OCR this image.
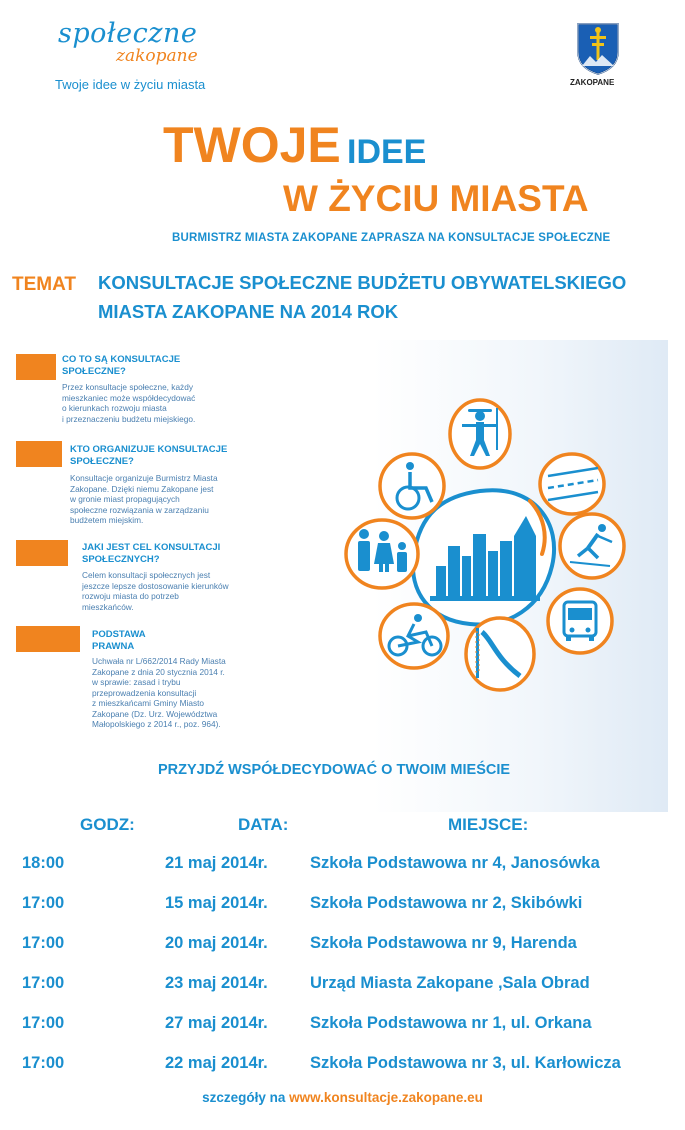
społeczne
zakopane
Twoje idee w życiu miasta	ZAKOPANE
TWOJE IDEE
W ŻYCIU MIASTA
BURMISTRZ MIASTA ZAKOPANE ZAPRASZA NA KONSULTACJE SPOŁECZNE
TEMAT KONSULTACJE SPOŁECZNE BUDŻETU OBYWATELSKIEGO
MIASTA ZAKOPANE NA 2014 ROK
CO TO SĄ KONSULTACJE
SPOŁECZNE?
Przez konsultacje społeczne, każdy
mieszkaniec może współdecydować
o kierunkach rozwoju miasta
i przeznaczeniu budżetu miejskiego.
KTO ORGANIZUJE KONSULTACJE
SPOŁECZNE?
Konsultacje organizuje Burmistrz Miasta
Zakopane. Dzięki niemu Zakopane jest
w gronie miast propagujących
społeczne rozwiązania w zarządzaniu
budżetem miejskim.
JAKI JEST CEL KONSULTACJI
SPOŁECZNYCH?
Celem konsultacji społecznych jest
jeszcze lepsze dostosowanie kierunków
rozwoju miasta do potrzeb
mieszkańców.
PODSTAWA
PRAWNA
Uchwała nr L/662/2014 Rady Miasta
Zakopane z dnia 20 stycznia 2014 r.
w sprawie: zasad i trybu
przeprowadzenia konsultacji
z mieszkańcami Gminy Miasto
Zakopane (Dz. Urz. Województwa
Małopolskiego z 2014 r., poz. 964).
PRZYJDŹ WSPÓŁDECYDOWAĆ O TWOIM MIEŚCIE
GODZ:	DATA:	MIEJSCE:
18:00	21 maj 2014r.	Szkoła Podstawowa nr 4, Janosówka
17:00	15 maj 2014r.	Szkoła Podstawowa nr 2, Skibówki
17:00	20 maj 2014r.	Szkoła Podstawowa nr 9, Harenda
17:00	23 maj 2014r.	Urząd Miasta Zakopane ,Sala Obrad
17:00	27 maj 2014r.	Szkoła Podstawowa nr 1, ul. Orkana
17:00	22 maj 2014r.	Szkoła Podstawowa nr 3, ul. Karłowicza
szczegóły na www.konsultacje.zakopane.eu
